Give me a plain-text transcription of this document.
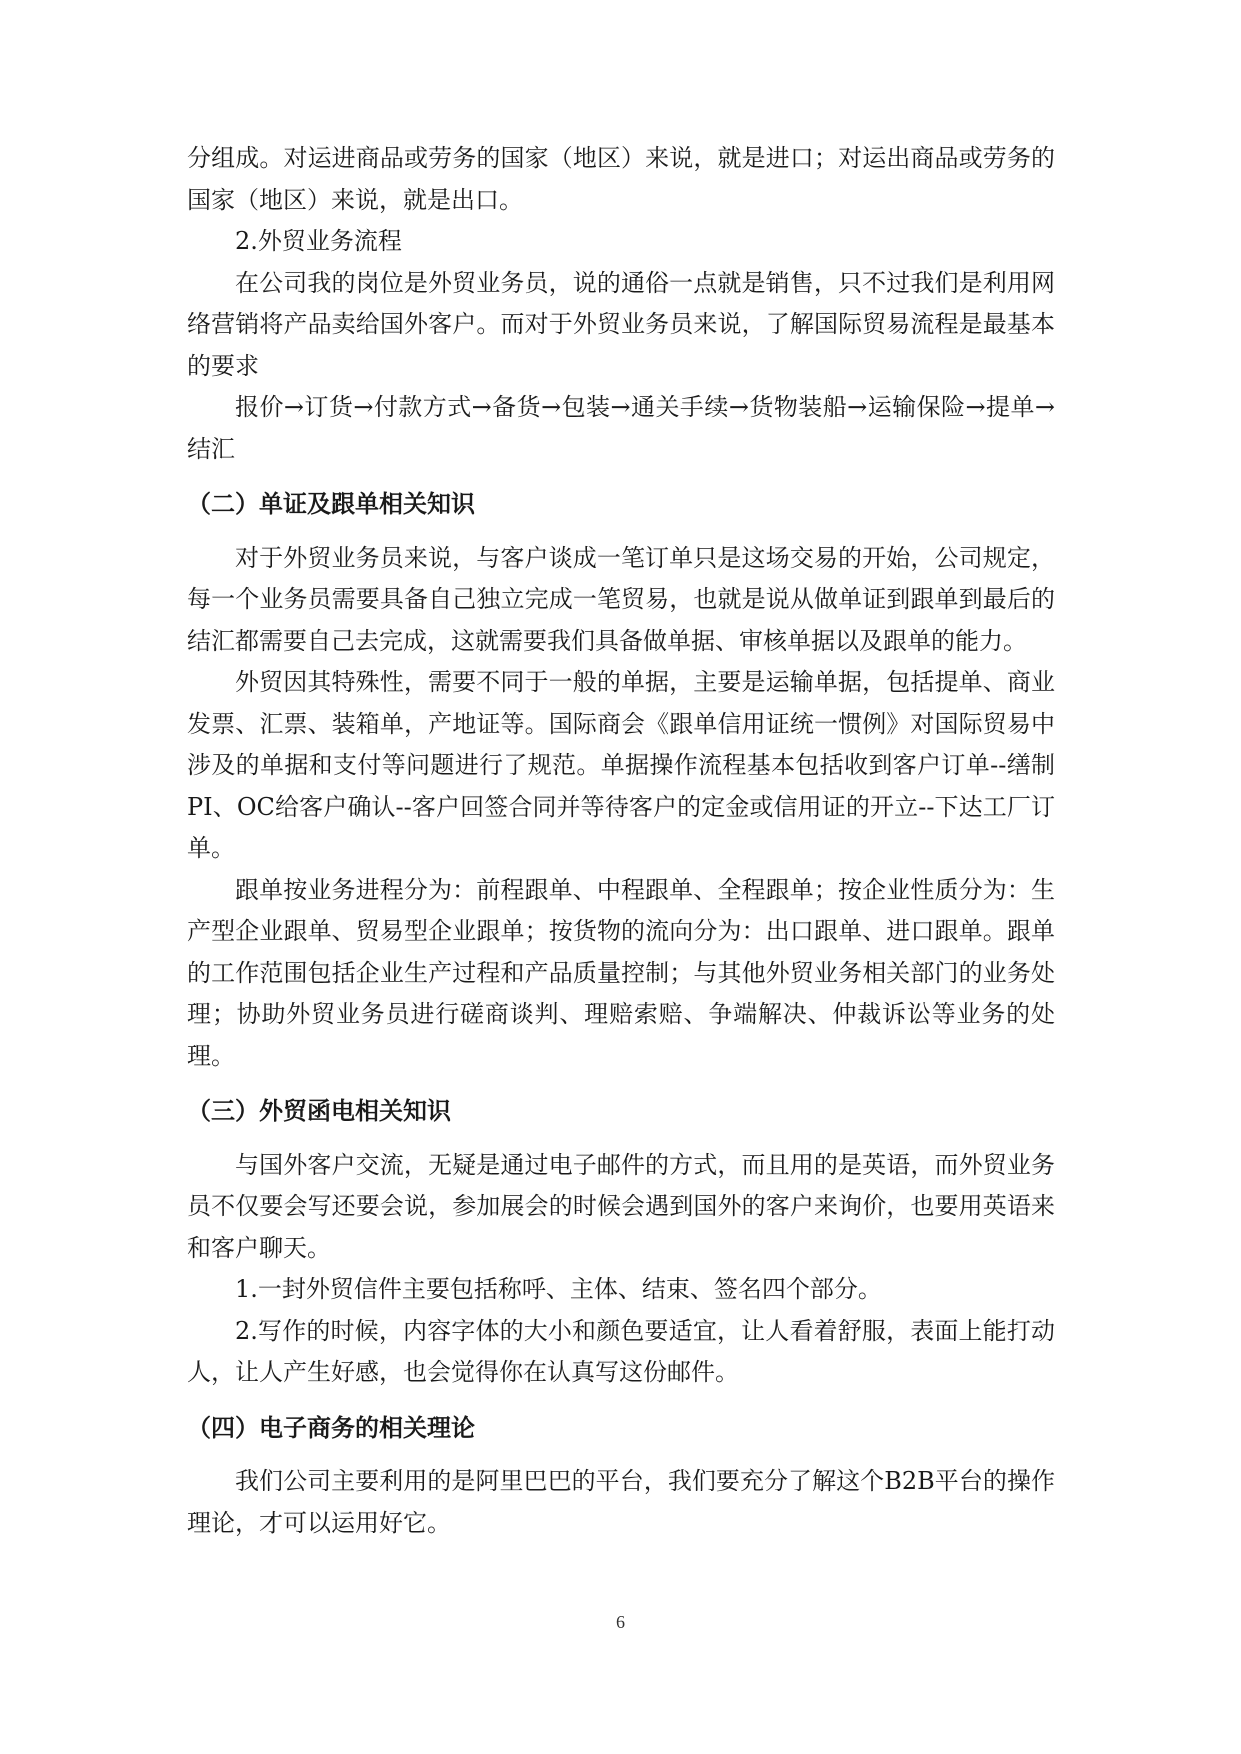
分组成。对运进商品或劳务的国家（地区）来说，就是进口；对运出商品或劳务的国家（地区）来说，就是出口。

2.外贸业务流程

在公司我的岗位是外贸业务员，说的通俗一点就是销售，只不过我们是利用网络营销将产品卖给国外客户。而对于外贸业务员来说，了解国际贸易流程是最基本的要求

报价→订货→付款方式→备货→包装→通关手续→货物装船→运输保险→提单→结汇

（二）单证及跟单相关知识

对于外贸业务员来说，与客户谈成一笔订单只是这场交易的开始，公司规定，每一个业务员需要具备自己独立完成一笔贸易，也就是说从做单证到跟单到最后的结汇都需要自己去完成，这就需要我们具备做单据、审核单据以及跟单的能力。

外贸因其特殊性，需要不同于一般的单据，主要是运输单据，包括提单、商业发票、汇票、装箱单，产地证等。国际商会《跟单信用证统一惯例》对国际贸易中涉及的单据和支付等问题进行了规范。单据操作流程基本包括收到客户订单--缮制PI、OC给客户确认--客户回签合同并等待客户的定金或信用证的开立--下达工厂订单。

跟单按业务进程分为：前程跟单、中程跟单、全程跟单；按企业性质分为：生产型企业跟单、贸易型企业跟单；按货物的流向分为：出口跟单、进口跟单。跟单的工作范围包括企业生产过程和产品质量控制；与其他外贸业务相关部门的业务处理；协助外贸业务员进行磋商谈判、理赔索赔、争端解决、仲裁诉讼等业务的处理。

（三）外贸函电相关知识

与国外客户交流，无疑是通过电子邮件的方式，而且用的是英语，而外贸业务员不仅要会写还要会说，参加展会的时候会遇到国外的客户来询价，也要用英语来和客户聊天。

1.一封外贸信件主要包括称呼、主体、结束、签名四个部分。

2.写作的时候，内容字体的大小和颜色要适宜，让人看着舒服，表面上能打动人，让人产生好感，也会觉得你在认真写这份邮件。

（四）电子商务的相关理论

我们公司主要利用的是阿里巴巴的平台，我们要充分了解这个B2B平台的操作理论，才可以运用好它。

6
